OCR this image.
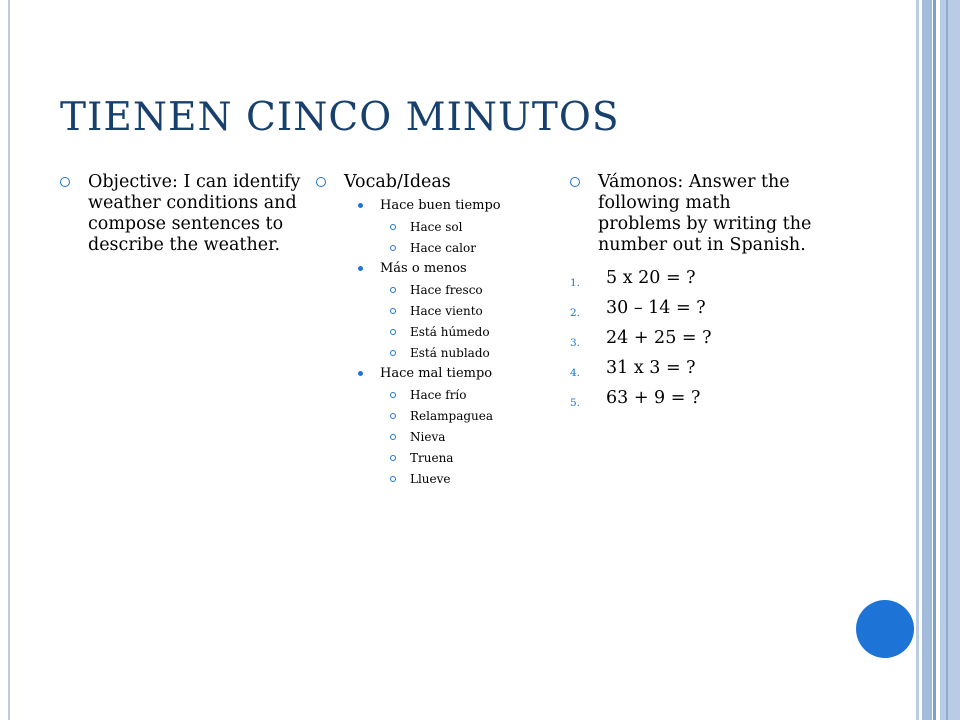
TIENEN CINCO MINUTOS
Objective: I can identify weather conditions and compose sentences to describe the weather.
Vocab/Ideas
Hace buen tiempo
Hace sol
Hace calor
Más o menos
Hace fresco
Hace viento
Está húmedo
Está nublado
Hace mal tiempo
Hace frío
Relampaguea
Nieva
Truena
Llueve
Vámonos: Answer the following math problems by writing the number out in Spanish.
1. 5 x 20 = ?
2. 30 – 14 = ?
3. 24 + 25 = ?
4. 31 x 3 = ?
5. 63 + 9 = ?
